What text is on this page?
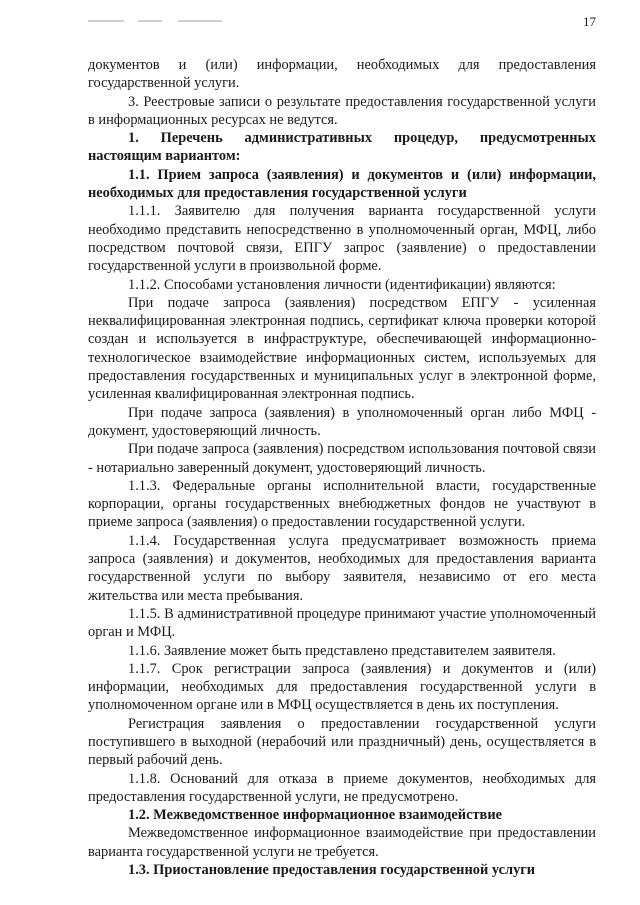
17

документов и (или) информации, необходимых для предоставления государственной услуги.

3. Реестровые записи о результате предоставления государственной услуги в информационных ресурсах не ведутся.

1. Перечень административных процедур, предусмотренных настоящим вариантом:

1.1. Прием запроса (заявления) и документов и (или) информации, необходимых для предоставления государственной услуги

1.1.1. Заявителю для получения варианта государственной услуги необходимо представить непосредственно в уполномоченный орган, МФЦ, либо посредством почтовой связи, ЕПГУ запрос (заявление) о предоставлении государственной услуги в произвольной форме.

1.1.2. Способами установления личности (идентификации) являются:

При подаче запроса (заявления) посредством ЕПГУ - усиленная неквалифицированная электронная подпись, сертификат ключа проверки которой создан и используется в инфраструктуре, обеспечивающей информационно-технологическое взаимодействие информационных систем, используемых для предоставления государственных и муниципальных услуг в электронной форме, усиленная квалифицированная электронная подпись.

При подаче запроса (заявления) в уполномоченный орган либо МФЦ - документ, удостоверяющий личность.

При подаче запроса (заявления) посредством использования почтовой связи - нотариально заверенный документ, удостоверяющий личность.

1.1.3. Федеральные органы исполнительной власти, государственные корпорации, органы государственных внебюджетных фондов не участвуют в приеме запроса (заявления) о предоставлении государственной услуги.

1.1.4. Государственная услуга предусматривает возможность приема запроса (заявления) и документов, необходимых для предоставления варианта государственной услуги по выбору заявителя, независимо от его места жительства или места пребывания.

1.1.5. В административной процедуре принимают участие уполномоченный орган и МФЦ.

1.1.6. Заявление может быть представлено представителем заявителя.

1.1.7. Срок регистрации запроса (заявления) и документов и (или) информации, необходимых для предоставления государственной услуги в уполномоченном органе или в МФЦ осуществляется в день их поступления.

Регистрация заявления о предоставлении государственной услуги поступившего в выходной (нерабочий или праздничный) день, осуществляется в первый рабочий день.

1.1.8. Оснований для отказа в приеме документов, необходимых для предоставления государственной услуги, не предусмотрено.

1.2. Межведомственное информационное взаимодействие

Межведомственное информационное взаимодействие при предоставлении варианта государственной услуги не требуется.

1.3. Приостановление предоставления государственной услуги
